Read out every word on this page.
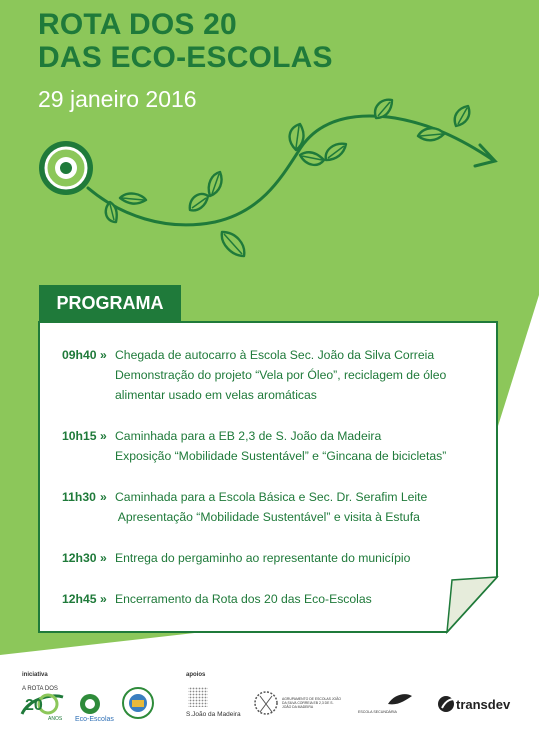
ROTA DOS 20
DAS ECO-ESCOLAS
29 janeiro 2016
PROGRAMA
09h40 » Chegada de autocarro à Escola Sec. João da Silva Correia
Demonstração do projeto “Vela por Óleo”, reciclagem de óleo
alimentar usado em velas aromáticas
10h15 » Caminhada para a EB 2,3 de S. João da Madeira
Exposição “Mobilidade Sustentável” e “Gincana de bicicletas”
11h30 » Caminhada para a Escola Básica e Sec. Dr. Serafim Leite
Apresentação “Mobilidade Sustentável” e visita à Estufa
12h30 » Entrega do pergaminho ao representante do município
12h45 » Encerramento da Rota dos 20 das Eco-Escolas
iniciativa	apoios
A ROTA DOS
20
ANOS Eco-Escolas
S.João da Madeira
AGRUPAMENTO DE ESCOLAS JOÃO DA SILVA CORREIA EB 2,3 DE S. JOÃO DA MADEIRA
ESCOLA SECUNDÁRIA	transdev
